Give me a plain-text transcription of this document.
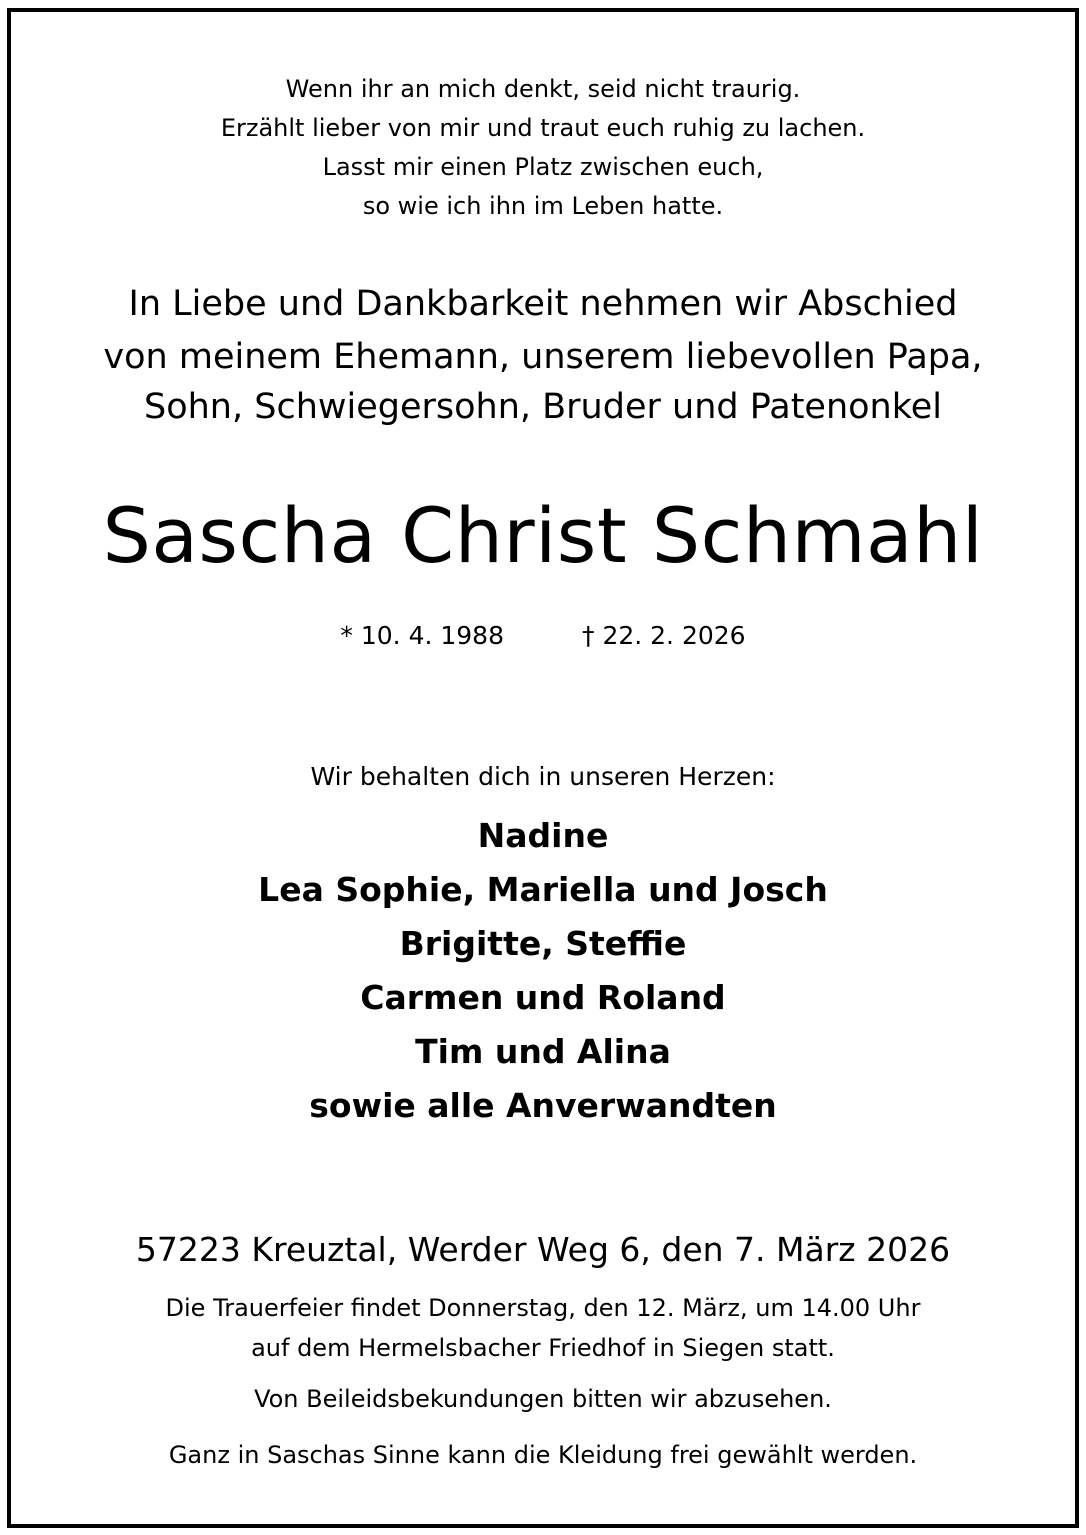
Wenn ihr an mich denkt, seid nicht traurig.
Erzählt lieber von mir und traut euch ruhig zu lachen.
Lasst mir einen Platz zwischen euch,
so wie ich ihn im Leben hatte.
In Liebe und Dankbarkeit nehmen wir Abschied
von meinem Ehemann, unserem liebevollen Papa,
Sohn, Schwiegersohn, Bruder und Patenonkel
Sascha Christ Schmahl
* 10. 4. 1988	† 22. 2. 2026
Wir behalten dich in unseren Herzen:
Nadine
Lea Sophie, Mariella und Josch
Brigitte, Steffie
Carmen und Roland
Tim und Alina
sowie alle Anverwandten
57223 Kreuztal, Werder Weg 6, den 7. März 2026
Die Trauerfeier findet Donnerstag, den 12. März, um 14.00 Uhr
auf dem Hermelsbacher Friedhof in Siegen statt.
Von Beileidsbekundungen bitten wir abzusehen.
Ganz in Saschas Sinne kann die Kleidung frei gewählt werden.
